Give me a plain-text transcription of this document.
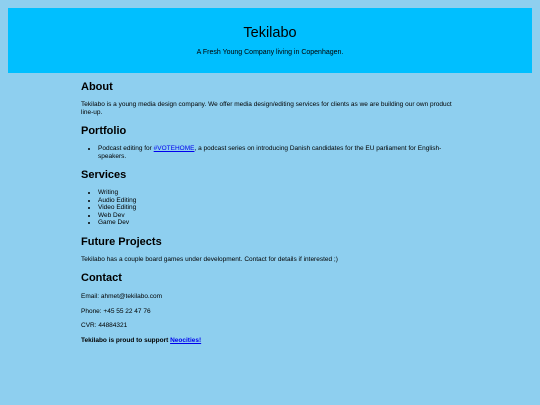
Tekilabo

A Fresh Young Company living in Copenhagen.

About

Tekilabo is a young media design company. We offer media design/editing services for clients as we are building our own product line-up.

Portfolio
• Podcast editing for #VOTEHOME, a podcast series on introducing Danish candidates for the EU parliament for English-speakers.
Services
• Writing
• Audio Editing
• Video Editing
• Web Dev
• Game Dev
Future Projects

Tekilabo has a couple board games under development. Contact for details if interested ;)

Contact

Email: ahmet@tekilabo.com

Phone: +45 55 22 47 76

CVR: 44884321

Tekilabo is proud to support Neocities!
